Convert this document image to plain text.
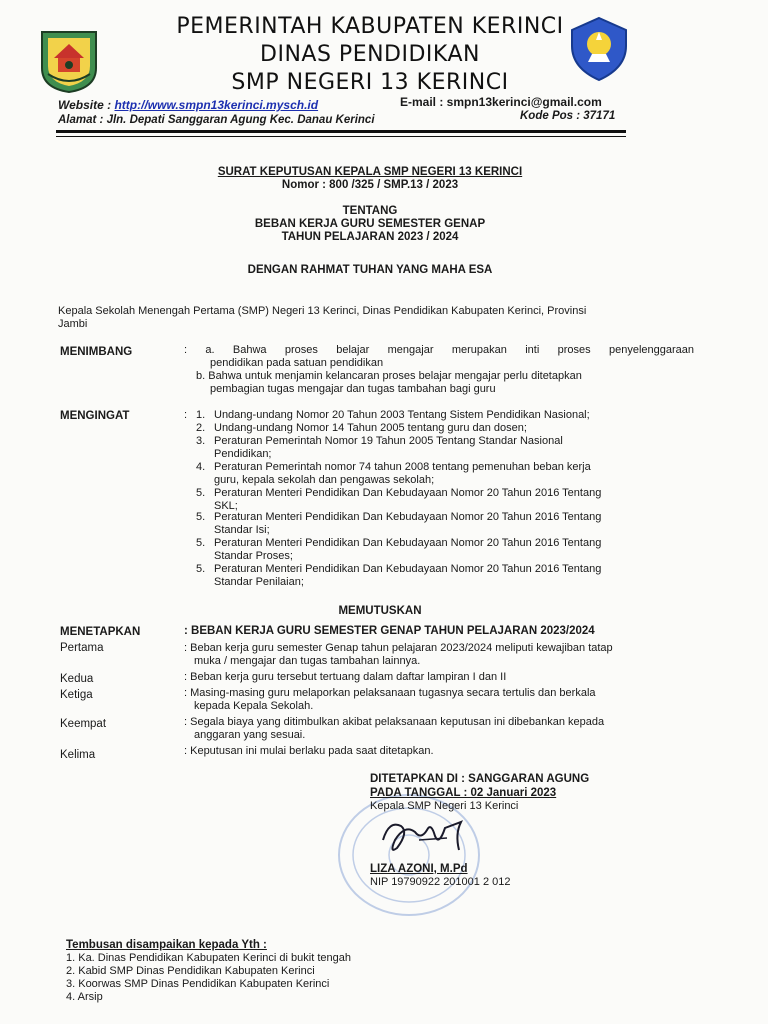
PEMERINTAH KABUPATEN KERINCI
DINAS PENDIDIKAN
SMP NEGERI 13 KERINCI
Website : http://www.smpn13kerinci.mysch.id	E-mail : smpn13kerinci@gmail.com
Alamat : Jln. Depati Sanggaran Agung Kec. Danau Kerinci	Kode Pos : 37171
SURAT KEPUTUSAN KEPALA SMP NEGERI 13 KERINCI
Nomor : 800 /325 / SMP.13 / 2023
TENTANG
BEBAN KERJA GURU SEMESTER GENAP
TAHUN PELAJARAN 2023 / 2024
DENGAN RAHMAT TUHAN YANG MAHA ESA
Kepala Sekolah Menengah Pertama (SMP) Negeri 13 Kerinci, Dinas Pendidikan Kabupaten Kerinci, Provinsi
Jambi
MENIMBANG	: a. Bahwa proses belajar mengajar merupakan inti proses penyelenggaraan
pendidikan pada satuan pendidikan
b. Bahwa untuk menjamin kelancaran proses belajar mengajar perlu ditetapkan
pembagian tugas mengajar dan tugas tambahan bagi guru
MENGINGAT	: 1. Undang-undang Nomor 20 Tahun 2003 Tentang Sistem Pendidikan Nasional;
2. Undang-undang Nomor 14 Tahun 2005 tentang guru dan dosen;
3. Peraturan Pemerintah Nomor 19 Tahun 2005 Tentang Standar Nasional
Pendidikan;
4. Peraturan Pemerintah nomor 74 tahun 2008 tentang pemenuhan beban kerja
guru, kepala sekolah dan pengawas sekolah;
5. Peraturan Menteri Pendidikan Dan Kebudayaan Nomor 20 Tahun 2016 Tentang
SKL;
5. Peraturan Menteri Pendidikan Dan Kebudayaan Nomor 20 Tahun 2016 Tentang
Standar Isi;
5. Peraturan Menteri Pendidikan Dan Kebudayaan Nomor 20 Tahun 2016 Tentang
Standar Proses;
5. Peraturan Menteri Pendidikan Dan Kebudayaan Nomor 20 Tahun 2016 Tentang
Standar Penilaian;
MEMUTUSKAN
MENETAPKAN	: BEBAN KERJA GURU SEMESTER GENAP TAHUN PELAJARAN 2023/2024
Pertama	: Beban kerja guru semester Genap tahun pelajaran 2023/2024 meliputi kewajiban tatap
muka / mengajar dan tugas tambahan lainnya.
Kedua	: Beban kerja guru tersebut tertuang dalam daftar lampiran I dan II
Ketiga	: Masing-masing guru melaporkan pelaksanaan tugasnya secara tertulis dan berkala
kepada Kepala Sekolah.
Keempat	: Segala biaya yang ditimbulkan akibat pelaksanaan keputusan ini dibebankan kepada
anggaran yang sesuai.
Kelima	: Keputusan ini mulai berlaku pada saat ditetapkan.
DITETAPKAN DI : SANGGARAN AGUNG
PADA TANGGAL : 02 Januari 2023
Kepala SMP Negeri 13 Kerinci
LIZA AZONI, M.Pd
NIP 19790922 201001 2 012
Tembusan disampaikan kepada Yth :
1. Ka. Dinas Pendidikan Kabupaten Kerinci di bukit tengah
2. Kabid SMP Dinas Pendidikan Kabupaten Kerinci
3. Koorwas SMP Dinas Pendidikan Kabupaten Kerinci
4. Arsip
